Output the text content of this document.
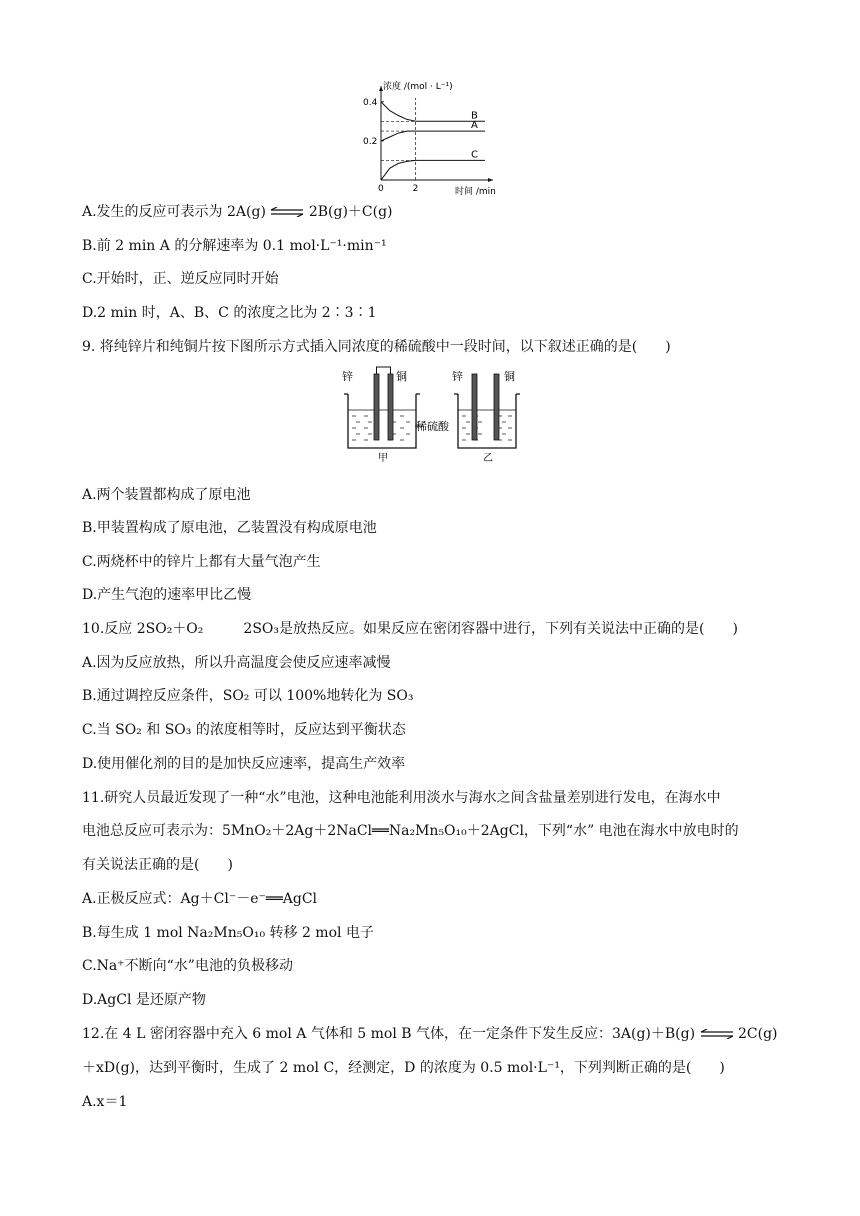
浓度 /(mol · L⁻¹)
时间 /min
0.4
0.2
0	2
B
A
C
A.发生的反应可表示为 2A(g) ⇌ 2B(g)＋C(g)
B.前 2 min A 的分解速率为 0.1 mol·L⁻¹·min⁻¹
C.开始时，正、逆反应同时开始
D.2 min 时，A、B、C 的浓度之比为 2∶3∶1
9. 将纯锌片和纯铜片按下图所示方式插入同浓度的稀硫酸中一段时间，以下叙述正确的是(　　)
锌	铜	锌	铜
稀硫酸
甲	乙
A.两个装置都构成了原电池
B.甲装置构成了原电池，乙装置没有构成原电池
C.两烧杯中的锌片上都有大量气泡产生
D.产生气泡的速率甲比乙慢
10.反应 2SO₂＋O₂	2SO₃是放热反应。如果反应在密闭容器中进行，下列有关说法中正确的是(　　)
A.因为反应放热，所以升高温度会使反应速率减慢
B.通过调控反应条件，SO₂ 可以 100%地转化为 SO₃
C.当 SO₂ 和 SO₃ 的浓度相等时，反应达到平衡状态
D.使用催化剂的目的是加快反应速率，提高生产效率
11.研究人员最近发现了一种“水”电池，这种电池能利用淡水与海水之间含盐量差别进行发电，在海水中
电池总反应可表示为：5MnO₂＋2Ag＋2NaCl══Na₂Mn₅O₁₀＋2AgCl，下列“水” 电池在海水中放电时的
有关说法正确的是(　　)
A.正极反应式：Ag＋Cl⁻－e⁻══AgCl
B.每生成 1 mol Na₂Mn₅O₁₀ 转移 2 mol 电子
C.Na⁺不断向“水”电池的负极移动
D.AgCl 是还原产物
12.在 4 L 密闭容器中充入 6 mol A 气体和 5 mol B 气体，在一定条件下发生反应：3A(g)＋B(g) ⇌ 2C(g)
＋xD(g)，达到平衡时，生成了 2 mol C，经测定，D 的浓度为 0.5 mol·L⁻¹，下列判断正确的是(　　)
A.x＝1
